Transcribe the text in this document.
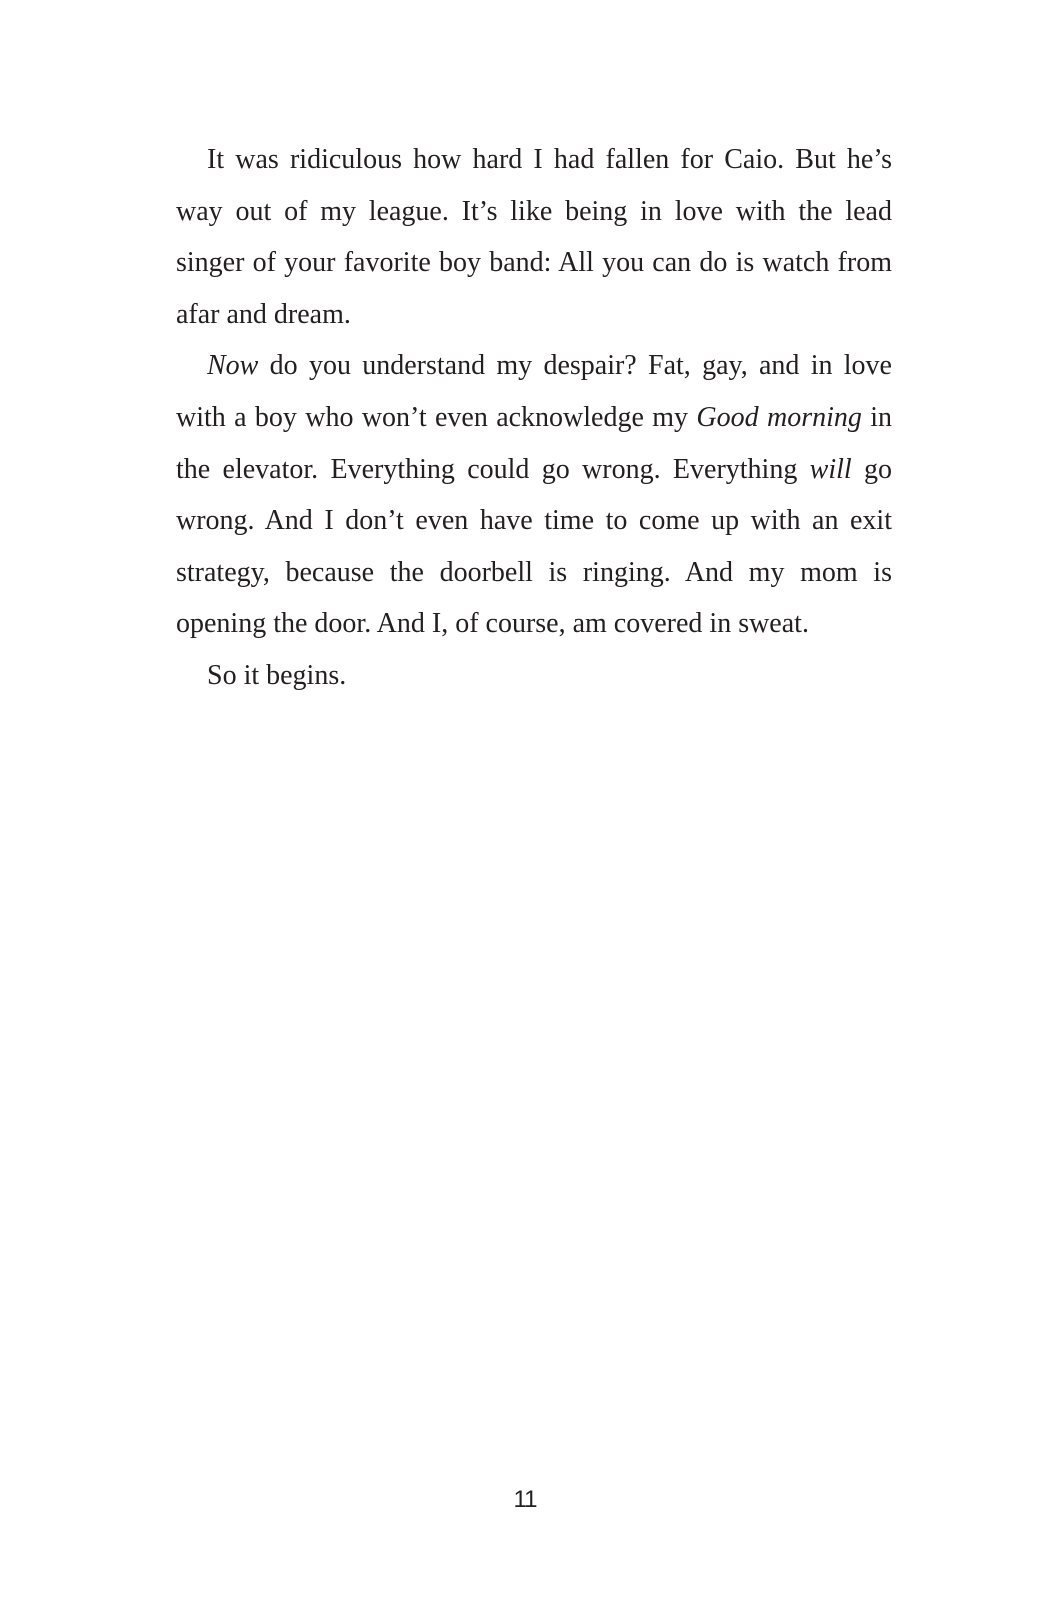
It was ridiculous how hard I had fallen for Caio. But he’s way out of my league. It’s like being in love with the lead singer of your favorite boy band: All you can do is watch from afar and dream.

Now do you understand my despair? Fat, gay, and in love with a boy who won’t even acknowledge my Good morning in the elevator. Everything could go wrong. Everything will go wrong. And I don’t even have time to come up with an exit strategy, because the doorbell is ringing. And my mom is opening the door. And I, of course, am covered in sweat.

So it begins.

11
